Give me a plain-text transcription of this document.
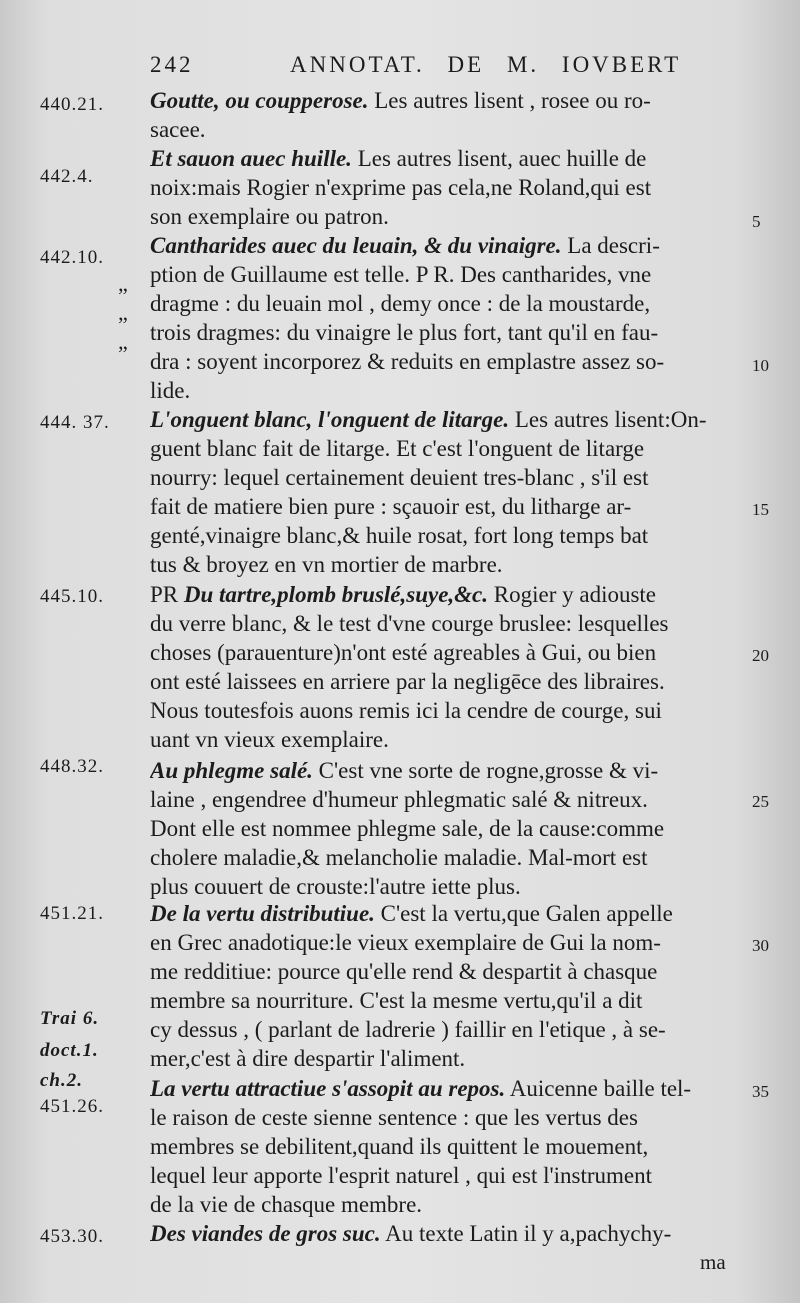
242	ANNOTAT. DE M. IOVBERT
440.21.
442.4.
442.10.
444. 37.
445.10.
448.32.
451.21.
Trai 6.
doct.1.
ch.2.
451.26.
453.30.
”
”
”
5
10
15
20
25
30
35
Goutte, ou coupperose. Les autres lisent , rosee ou ro-
sacee.
Et sauon auec huille. Les autres lisent, auec huille de
noix:mais Rogier n'exprime pas cela,ne Roland,qui est
son exemplaire ou patron.
Cantharides auec du leuain, & du vinaigre. La descri-
ption de Guillaume est telle. P R. Des cantharides, vne
dragme : du leuain mol , demy once : de la moustarde,
trois dragmes: du vinaigre le plus fort, tant qu'il en fau-
dra : soyent incorporez & reduits en emplastre assez so-
lide.
L'onguent blanc, l'onguent de litarge. Les autres lisent:On-
guent blanc fait de litarge. Et c'est l'onguent de litarge
nourry: lequel certainement deuient tres-blanc , s'il est
fait de matiere bien pure : sçauoir est, du litharge ar-
genté,vinaigre blanc,& huile rosat, fort long temps bat
tus & broyez en vn mortier de marbre.
PR Du tartre,plomb bruslé,suye,&c. Rogier y adiouste
du verre blanc, & le test d'vne courge bruslee: lesquelles
choses (parauenture)n'ont esté agreables à Gui, ou bien
ont esté laissees en arriere par la negligēce des libraires.
Nous toutesfois auons remis ici la cendre de courge, sui
uant vn vieux exemplaire.
Au phlegme salé. C'est vne sorte de rogne,grosse & vi-
laine , engendree d'humeur phlegmatic salé & nitreux.
Dont elle est nommee phlegme sale, de la cause:comme
cholere maladie,& melancholie maladie. Mal-mort est
plus couuert de crouste:l'autre iette plus.
De la vertu distributiue. C'est la vertu,que Galen appelle
en Grec anadotique:le vieux exemplaire de Gui la nom-
me redditiue: pource qu'elle rend & despartit à chasque
membre sa nourriture. C'est la mesme vertu,qu'il a dit
cy dessus , ( parlant de ladrerie ) faillir en l'etique , à se-
mer,c'est à dire despartir l'aliment.
La vertu attractiue s'assopit au repos. Auicenne baille tel-
le raison de ceste sienne sentence : que les vertus des
membres se debilitent,quand ils quittent le mouement,
lequel leur apporte l'esprit naturel , qui est l'instrument
de la vie de chasque membre.
Des viandes de gros suc. Au texte Latin il y a,pachychy-
ma
